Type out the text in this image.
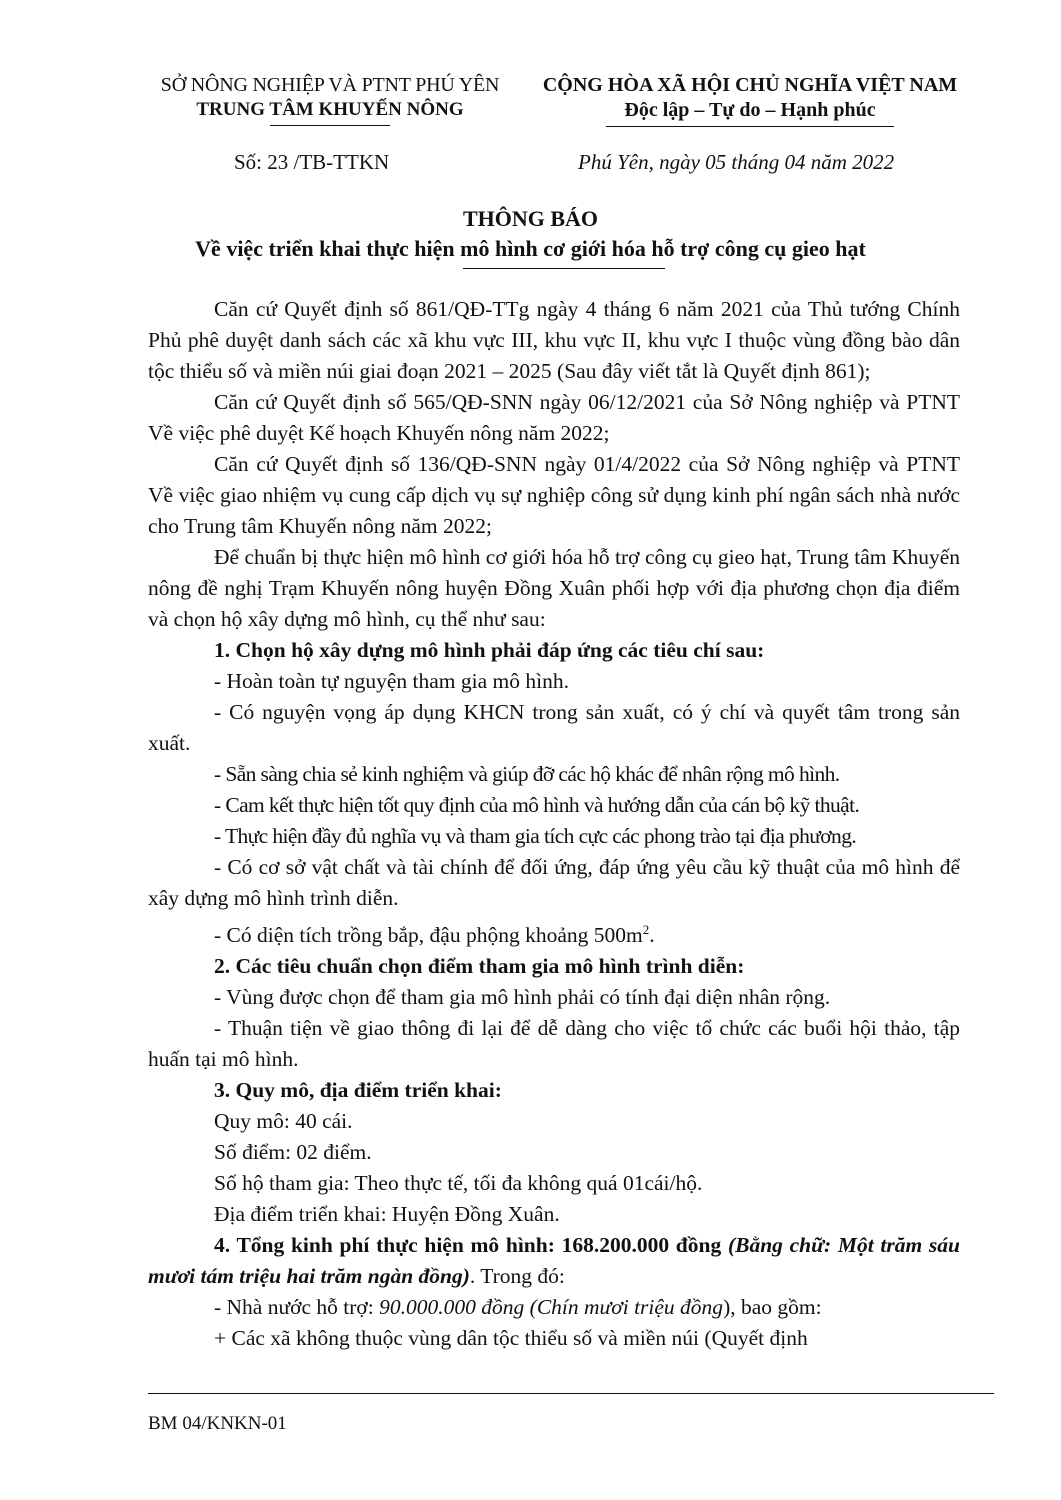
SỞ NÔNG NGHIỆP VÀ PTNT PHÚ YÊN
TRUNG TÂM KHUYẾN NÔNG
CỘNG HÒA XÃ HỘI CHỦ NGHĨA VIỆT NAM
Độc lập – Tự do – Hạnh phúc
Số: 23 /TB-TTKN	Phú Yên, ngày 05 tháng 04 năm 2022
THÔNG BÁO
Về việc triển khai thực hiện mô hình cơ giới hóa hỗ trợ công cụ gieo hạt

Căn cứ Quyết định số 861/QĐ-TTg ngày 4 tháng 6 năm 2021 của Thủ tướng Chính Phủ phê duyệt danh sách các xã khu vực III, khu vực II, khu vực I thuộc vùng đồng bào dân tộc thiểu số và miền núi giai đoạn 2021 – 2025 (Sau đây viết tắt là Quyết định 861);

Căn cứ Quyết định số 565/QĐ-SNN ngày 06/12/2021 của Sở Nông nghiệp và PTNT Về việc phê duyệt Kế hoạch Khuyến nông năm 2022;

Căn cứ Quyết định số 136/QĐ-SNN ngày 01/4/2022 của Sở Nông nghiệp và PTNT Về việc giao nhiệm vụ cung cấp dịch vụ sự nghiệp công sử dụng kinh phí ngân sách nhà nước cho Trung tâm Khuyến nông năm 2022;

Để chuẩn bị thực hiện mô hình cơ giới hóa hỗ trợ công cụ gieo hạt, Trung tâm Khuyến nông đề nghị Trạm Khuyến nông huyện Đồng Xuân phối hợp với địa phương chọn địa điểm và chọn hộ xây dựng mô hình, cụ thể như sau:

1. Chọn hộ xây dựng mô hình phải đáp ứng các tiêu chí sau:

- Hoàn toàn tự nguyện tham gia mô hình.

- Có nguyện vọng áp dụng KHCN trong sản xuất, có ý chí và quyết tâm trong sản xuất.

- Sẵn sàng chia sẻ kinh nghiệm và giúp đỡ các hộ khác để nhân rộng mô hình.

- Cam kết thực hiện tốt quy định của mô hình và hướng dẫn của cán bộ kỹ thuật.

- Thực hiện đầy đủ nghĩa vụ và tham gia tích cực các phong trào tại địa phương.

- Có cơ sở vật chất và tài chính để đối ứng, đáp ứng yêu cầu kỹ thuật của mô hình để xây dựng mô hình trình diễn.

- Có diện tích trồng bắp, đậu phộng khoảng $500m^2$.

2. Các tiêu chuẩn chọn điểm tham gia mô hình trình diễn:

- Vùng được chọn để tham gia mô hình phải có tính đại diện nhân rộng.

- Thuận tiện về giao thông đi lại để dễ dàng cho việc tổ chức các buổi hội thảo, tập huấn tại mô hình.

3. Quy mô, địa điểm triển khai:

Quy mô: 40 cái.

Số điểm: 02 điểm.

Số hộ tham gia: Theo thực tế, tối đa không quá 01cái/hộ.

Địa điểm triển khai: Huyện Đồng Xuân.

4. Tổng kinh phí thực hiện mô hình: 168.200.000 đồng (Bằng chữ: Một trăm sáu mươi tám triệu hai trăm ngàn đồng). Trong đó:

- Nhà nước hỗ trợ: 90.000.000 đồng (Chín mươi triệu đồng), bao gồm:

+ Các xã không thuộc vùng dân tộc thiểu số và miền núi (Quyết định

BM 04/KNKN-01
